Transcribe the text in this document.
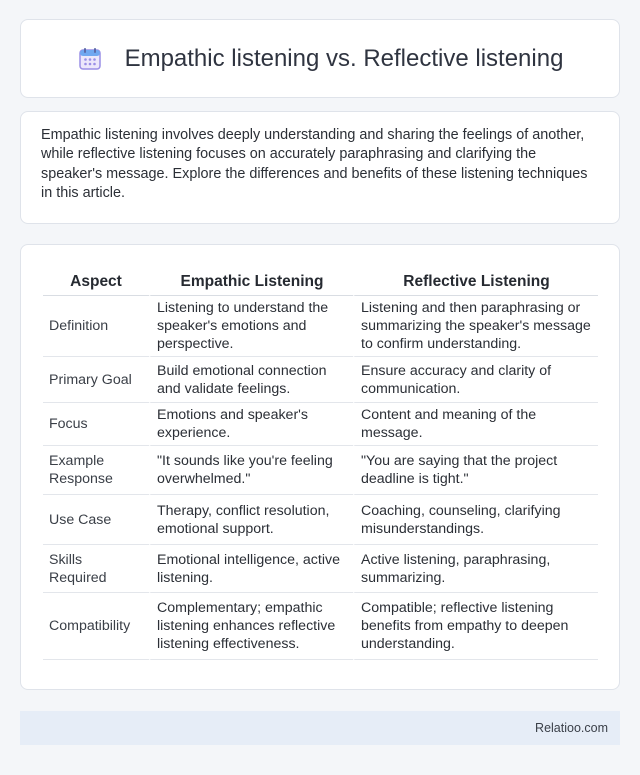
Empathic listening vs. Reflective listening

Empathic listening involves deeply understanding and sharing the feelings of another, while reflective listening focuses on accurately paraphrasing and clarifying the speaker's message. Explore the differences and benefits of these listening techniques in this article.

Aspect	Empathic Listening	Reflective Listening
Definition	Listening to understand the speaker's emotions and perspective.	Listening and then paraphrasing or summarizing the speaker's message to confirm understanding.
Primary Goal	Build emotional connection and validate feelings.	Ensure accuracy and clarity of communication.
Focus	Emotions and speaker's experience.	Content and meaning of the message.
Example Response	"It sounds like you're feeling overwhelmed."	"You are saying that the project deadline is tight."
Use Case	Therapy, conflict resolution, emotional support.	Coaching, counseling, clarifying misunderstandings.
Skills Required	Emotional intelligence, active listening.	Active listening, paraphrasing, summarizing.
Compatibility	Complementary; empathic listening enhances reflective listening effectiveness.	Compatible; reflective listening benefits from empathy to deepen understanding.
Relatioo.com
